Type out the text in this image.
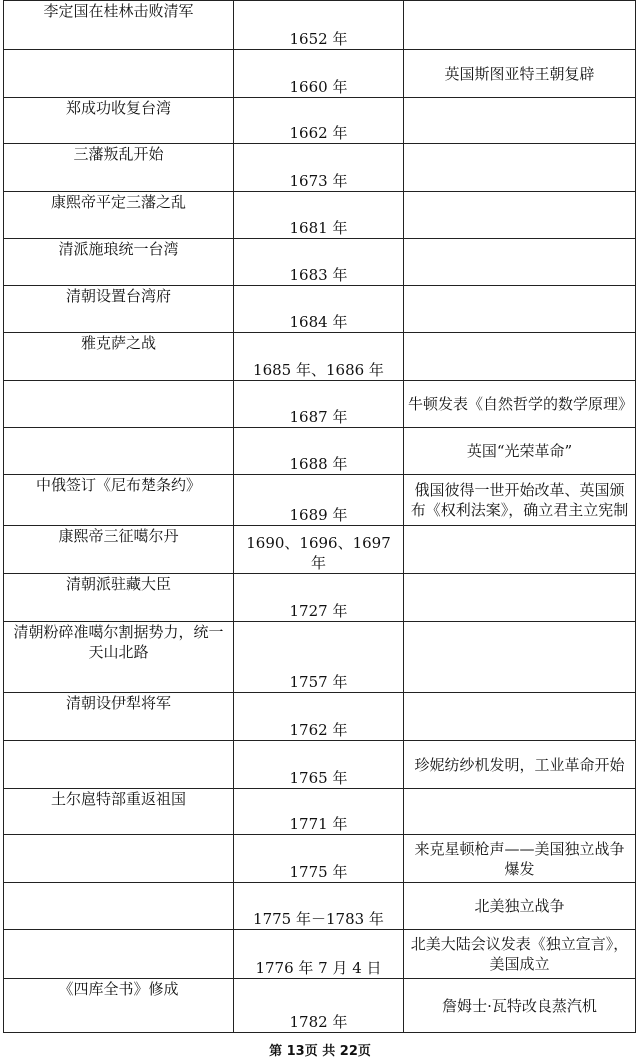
李定国在桂林击败清军	1652 年	
	1660 年	英国斯图亚特王朝复辟
郑成功收复台湾	1662 年	
三藩叛乱开始	1673 年	
康熙帝平定三藩之乱	1681 年	
清派施琅统一台湾	1683 年	
清朝设置台湾府	1684 年	
雅克萨之战	1685 年、1686 年	
	1687 年	牛顿发表《自然哲学的数学原理》
	1688 年	英国“光荣革命”
中俄签订《尼布楚条约》	1689 年	俄国彼得一世开始改革、英国颁布《权利法案》，确立君主立宪制
康熙帝三征噶尔丹	1690、1696、1697 年	
清朝派驻藏大臣	1727 年	
清朝粉碎准噶尔割据势力，统一天山北路	1757 年	
清朝设伊犁将军	1762 年	
	1765 年	珍妮纺纱机发明，工业革命开始
土尔扈特部重返祖国	1771 年	
	1775 年	来克星顿枪声——美国独立战争爆发
	1775 年－1783 年	北美独立战争
	1776 年 7 月 4 日	北美大陆会议发表《独立宣言》，美国成立
《四库全书》修成	1782 年	詹姆士·瓦特改良蒸汽机
第 13页 共 22页
